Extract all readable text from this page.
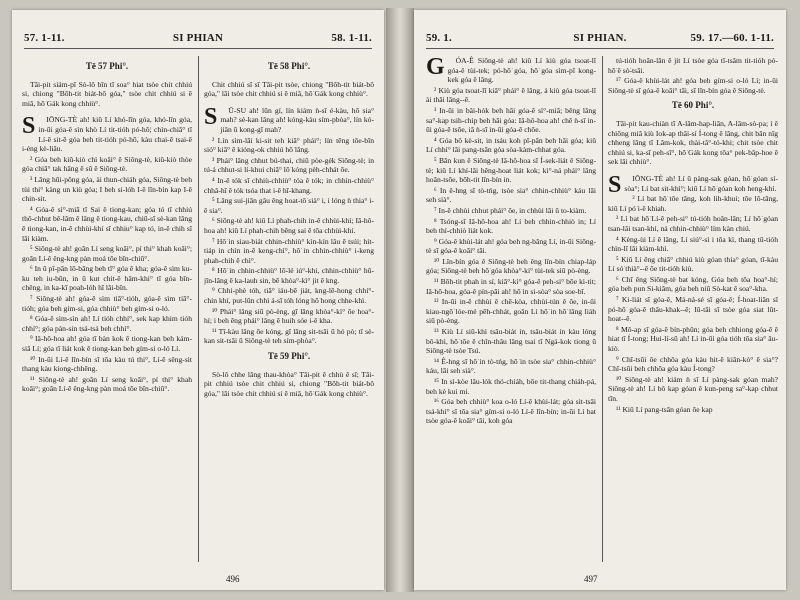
57. 1-11.	SI PHIAN	58. 1-11.
Tē 57 Phi°.

Tāi-pit siám-pī Sò-lô bīn tī soa° hiat tsòe chit chhiú si, chiong "Bōh-tit biát-bô góa," tsòe chit chhiú si ê miâ, hō͘ Gák kong chhiù°.

S	IŌNG-TÈ ah! kiû Lí khó-lîn góa, khó-lîn góa, in-ūi góa-ê sìn khò Lí tit-tióh pó-hō͘; chìn-chiā° tī Lí-ê sit-ê góa beh tit-tióh pó-hō͘, kàu chai-ē tsai-ē i-éng kè-liâu.

² Góa beh kiû-kiò chì koâi° ê Siōng-tè, kiû-kiò thòe góa chiâ° tak hāng ê sū ê Siōng-tè.

³ Lâng hūi-pông góa, ài thun-chiáh góa, Siōng-tè beh tùi thi° kàng un kiù góa; I beh si-lóh I-ê lîn-bín kap I-ê chin-sit.

⁴ Góa-ê sì°-miā tī Sai ê tiong-kan; góa tó tī chhiú thô-chhut bê-lâm ê lâng ê tiong-kau, chiū-sī sè-kan lâng ê tiong-kan, in-ê chhùi-khí sī chhiu° kap tó, in-ê chih sī lāi kiàm.

⁵ Siōng-tè ah! goān Lí seng koāi°, pí thi° khah koāi°; goān Lí-ê êng-kng pàn moá tōe bīn-chiū°.

⁶ In ū pī-pān lō-bāng beh tī° góa ê kha; góa-ê sìm ku-ku teh iu-būn, in ū kut chit-ê hām-khi° tī góa bīn-chêng, in ka-kī poah-lóh hī lāi-bīn.

⁷ Siōng-tè ah! góa-ê sìm tiā°-tióh, góa-ê sìm tiā°-tióh; góa beh gím-si, góa chhiù° beh gím-si o-ló.

⁸ Góa-ê sìm-sìn ah! Lí tióh chhí°, sek kap khim tióh chhí°; góa pán-sin tsá-tsá beh chhí°.

⁹ Iâ-hô-hoa ah! góa tī bàn kok ê tiong-kan beh kám-siā Lí; góa tī liát kok ê tiong-kan beh gím-si o-ló Lí.

¹⁰ In-ūi Lí-ê lîn-bín sī tōa kàu tú thi°, Lí-ê sêng-sit thang kàu kiong-chhēng.

¹¹ Siōng-tè ah! goān Lí seng koāi°, pí thi° khah koāi°; goān Lí-ê êng-kng pàn moá tōe bīn-chiū°.

Tē 58 Phi°.

Chit chhiú sī sī Tāi-pit tsòe, chiong "Bōh-tit biát-bô góa," lāi tsòe chit chhiú si ê miâ, hō͘ Gák kong chhiù°.

S	Ū-SU ah! lūn gí, lín kiám ǹ-sī é-kàu, hō sia° mah? sè-kan lâng ah! kóng-kàu sím-pbòa°, lín kó-jiân ū kong-gī mah?

² Lín sìm-lāi ki-sit teh kiā° phái°; lín têng tōe-bīn sió° kiā° ê kióng-ok chhiú hō͘ lâng.

³ Phái° lâng chhut bú-thai, chiū pòe-gék Siōng-tè; in tú-á chhut-si lí-khui chiā° lō͘ kóng pèh-chhát ōe.

⁴ In-ê tók sī chhiù-chhiù° tóa ê tók; in chhin-chhiù° chhâ-hī ê tók tsóa that i-ê hī-khang.

⁵ Lâng sui-jiân gâu êng hoat-tō͘ sià° i, i lóng ǹ thia° i-ê sia°.

⁶ Siōng-tè ah! kiû Lí phah-chih in-ê chhùi-khí; Iâ-hô-hoa ah! kiû Lí phah-chih bêng sai ê tōa chhùi-khí.

⁷ Hō͘ in siau-biát chhin-chhiù° kìn-kín lâu ê tsúi; hit-tiáp in chìn in-ê keng-chì°, hō͘ in chhin-chhiù° i-keng phah-chih ê chì°.

⁸ Hō͘ in chhin-chhiù° lō͘-lé iú°-khi, chhin-chhiù° hū-jîn-lâng ê ka-lauh sin, bē khòa°-kì° jit ê kng.

⁹ Chhi-phè tóh, tiā° iáu-bē jiát, kng-lê-hong chhí°-chin khí, put-lūn chhì á-sī tóh lóng hō͘ hong chhe-khì.

¹⁰ Phái° lâng siū pò-èng, gī lâng khòa°-kì° ōe hoa°-hí; i beh êng phái° lâng ê huih sóe i-ê kha.

¹¹ Tī-kàu lâng ōe kóng, gī lâng sit-tsāi ū hó pò; tī sè-kan sit-tsāi ū Siōng-tè teh sím-phòa°.

Tē 59 Phi°.

Sò-lô chhe lâng thau-khòa° Tāi-pit ê chhù ê sî; Tāi-pit chhiú tsòe chit chhiú si, chiong "Bōh-tit biát-bô góa," lāi tsòe chit chhiú si ê miâ, hō͘ Gák kong chhiù°.

496
59. 1.	SI PHIAN.	59. 17.—60. 1-11.
G	ÓA-Ê Siōng-tè ah! kiû Lí kiù góa tsoat-lī góa-ê tùi-tek; pó-hō͘ góa, hō͘ góa sìm-pī kong-kek góa ê lâng.

² Kiù góa tsoat-lī kiā° phái° ê lâng, á kiù góa tsoat-lī ài thâi lâng--ê.

³ In-ūi in bâi-hók beh hāi góa-ê sì°-miā; bêng lâng sa°-kap tsih-chip beh hāi góa: Iâ-hô-hoa ah! chē ǹ-sī in-ūi góa-ê tsōe, iā ǹ-sī in-ūi góa-ê chōe.

⁴ Góa bô kè-sit, in tsáu koh pī-pān beh hāi góa; kiû Lí chhí° lāi pang-tsān góa sòa-kàm-chhat góa.

⁵ Bān kun ê Siōng-tè Iâ-hô-hoa sī Í-sek-liát ê Siōng-tè; kiû Lí khí-lâi hêng-hoat liát kok; kì°-ná phái° lâng hoān-tsōe, bōh-tit lîn-bín in.

⁶ In ê-hng sī tò-tńg, tsòe sia° chhin-chhiù° káu lāi seh sià°.

⁷ In-ê chhùi chhut phái° ōe, in chhùi lāi ū to-kiàm.

⁸ Tsóng-sī Iâ-hô-hoa ah! Lí beh chhin-chhiò in; Lí beh thí-chhiò liát kok.

⁹ Góa-ê khùi-lát ah! góa beh ng-bāng Lí, in-ūi Siōng-tè sī góa-ê koāi° tāi.

¹⁰ Lîn-bín góa ê Siōng-tè beh êng lîn-bín chiap-láp góa; Siōng-tè beh hō͘ góa khòa°-ki° tùi-tek siū pò-èng.

¹¹ Bōh-tit phah in sí, kiā°-kì° góa-ê peh-si° bōe kì-tit; Iâ-hô-hoa, góa-ê pín-pāi ah! hō͘ in si-sòa° sòa soe-bī.

¹² In-ūi in-ê chhùi ê chē-kòa, chhùi-tún ê ōe, in-ūi kiau-ngō͘ lóe-mé pēh-chhát, goān Lí hō͘ in hō͘ lâng liáh siū pò-èng.

¹³ Kiù Lí siū-khì tsâu-biát in, tsâu-biát in kàu lóng bô-khì, hō͘ tōe ê chîn-thâu lâng tsai tī Ngá-kok tiong ū Siōng-tè tsòe Tsú.

¹⁴ Ê-hng sī hō͘ in tò-tńg, hō͘ in tsòe sia° chhin-chhiù° káu, lāi seh sià°.

¹⁵ In sì-kòe lâu-lók thó-chiáh, bōe tit-thang chiáh-pá, beh kè kui mi.

¹⁶ Góa beh chhiù° koa o-ló Lí-ê khùi-lát; góa sit-tsāi tsá-khí° sī tōa sia° gím-si o-ló Lí-ê lîn-bín; in-ūi Lí bat tsòe góa-ê koāi° tāi, koh góa

tú-tióh hoân-lān ê jít Lí tsòe góa tī-tsâm tit-tióh pó-hō͘ ê sò͘-tsāi.

¹⁷ Góa-ê khùi-lát ah! góa beh gím-si o-ló Lí; in-ūi Siōng-tè sī góa-ê koāi° tāi, sī lîn-bín góa ê Siōng-tè.

Tē 60 Phi°.

Tāi-pit kau-chiàn tī A-lâm-hap-liân, A-lâm-sò-pa; í ê chiōng miā kiù Iok-ap thâi-sí Í-tong ê lâng, chit bān nīg chheng lâng tī Lâm-kok, thài-tâ°-tó-khi; chit tsòe chit chhiú si, ka-sī peh-sî°, hō͘ Gák kong tōa° pek-bâp-hoe ê sek lâi chhiù°.

S	IŌNG-TÈ ah! Lí ū pàng-sak góan, hō͘ góan sí-sòa°; Lí bat sit-khì°; kiû Lí hō͘ góan koh heng-khí.

² Lí bat hō͘ tōe tāng, koh lih-khui; tōe lō-tāng, kiû Lí pó͘ i-ê khiah.

³ Lí bat hō͘ Lí-ê peh-si° tú-tióh hoân-lān; Lí hō͘ góan tsan-lâi tsan-khì, ná chhin-chhiù° lím kàn chiú.

⁴ Kèng-ùi Lí ê lâng, Lí siú°-sì i tōa kì, thang tū-tióh chìn-lî lâi kiàm-khì.

⁵ Kiû Lí êng chiā° chhiú kiù góan thia° góan, tī-kàu Lí só͘ thià°--ê ōe tit-tióh kiù.

⁶ Chī êng Siōng-tè bat kóng, Góa beh tōa hoa°-hí; góa beh pun Si-kiâm, góa beh niū Sò-kat ê soa°-kha.

⁷ Ki-liát sī góa-ê, Má-ná-sé sī góa-ê; Í-hoat-liân sī pó-hō͘ góa-ê thâu-khak--ê; Iû-tāi sī tsòe góa siat lūt-hoat--ê.

⁸ Mô-ap sī góa-ê bín-phûn; góa beh chhiong góa-ê ê hiat tī Í-tong; Hui-lí-sū ah! Lí in-ūi góa tióh tōa sia° âu-kiò.

⁹ Chī-tsūi ōe chhōa góa kàu hit-ê kiân-kò° ê sia°? Chī-tsūi beh chhōa góa kàu Í-tong?

¹⁰ Siōng-tè ah! kiám ǹ sī Lí pàng-sak góan mah? Siōng-tè ah! Lí bô kap góan ê kun-peng sa°-kap chhut tīn.

¹¹ Kiû Lí pang-tsān góan ōe kap

497
